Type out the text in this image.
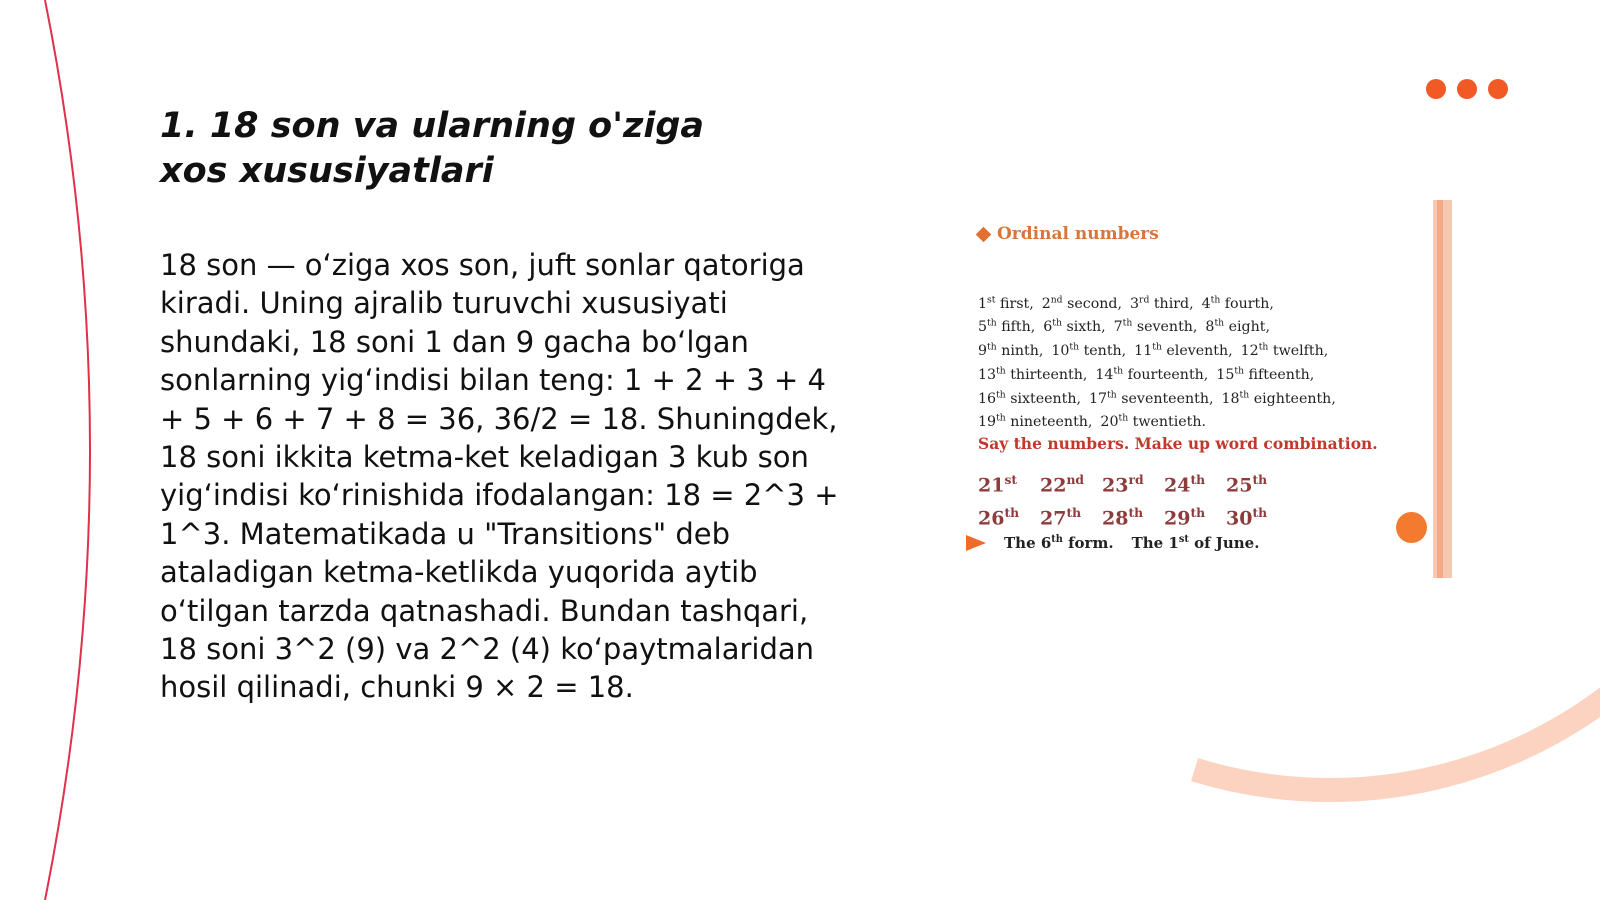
1. 18 son va ularning o'ziga xos xususiyatlari

18 son — o‘ziga xos son, juft sonlar qatoriga kiradi. Uning ajralib turuvchi xususiyati shundaki, 18 soni 1 dan 9 gacha bo‘lgan sonlarning yig‘indisi bilan teng: 1 + 2 + 3 + 4 + 5 + 6 + 7 + 8 = 36, 36/2 = 18. Shuningdek, 18 soni ikkita ketma-ket keladigan 3 kub son yig‘indisi ko‘rinishida ifodalangan: 18 = 2^3 + 1^3. Matematikada u "Transitions" deb ataladigan ketma-ketlikda yuqorida aytib o‘tilgan tarzda qatnashadi. Bundan tashqari, 18 soni 3^2 (9) va 2^2 (4) ko‘paytmalaridan hosil qilinadi, chunki 9 × 2 = 18.

Ordinal numbers
1st first, 2nd second, 3rd third, 4th fourth,
5th fifth, 6th sixth, 7th seventh, 8th eight,
9th ninth, 10th tenth, 11th eleventh, 12th twelfth,
13th thirteenth, 14th fourteenth, 15th fifteenth,
16th sixteenth, 17th seventeenth, 18th eighteenth,
19th nineteenth, 20th twentieth.
Say the numbers. Make up word combination.
21st 22nd 23rd 24th 25th
26th 27th 28th 29th 30th
The 6th form. The 1st of June.
